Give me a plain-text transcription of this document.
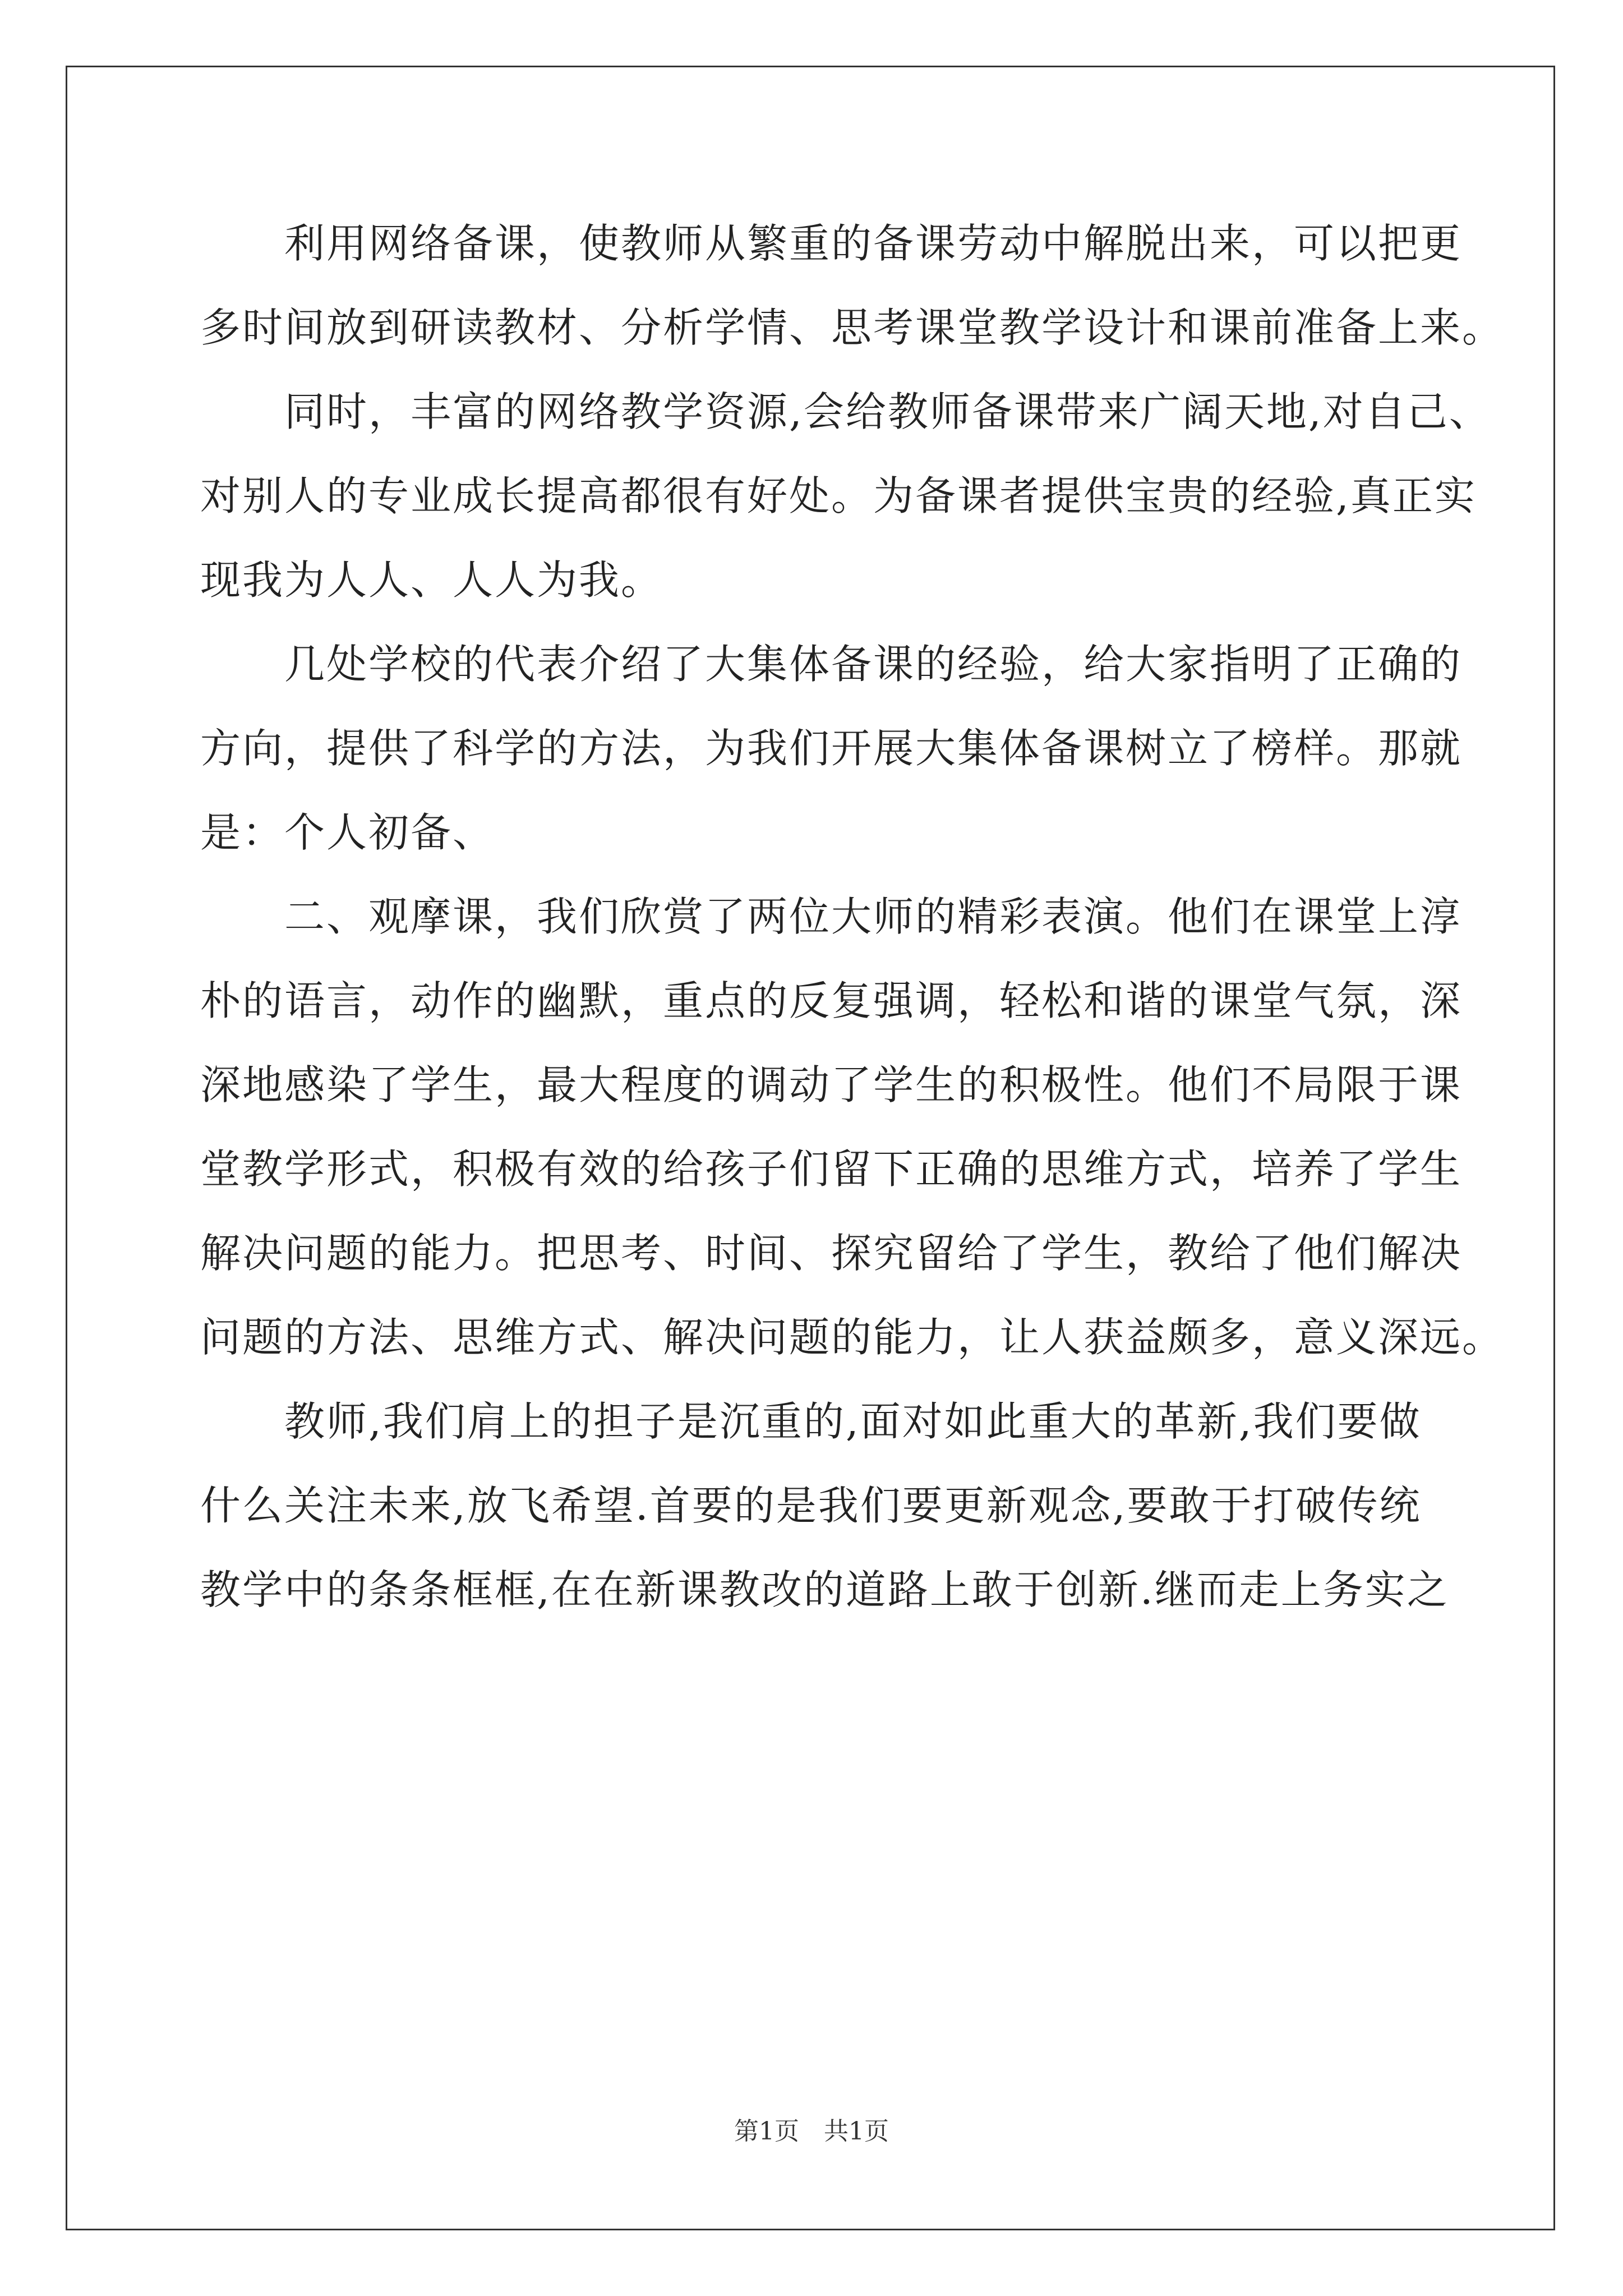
利用网络备课，使教师从繁重的备课劳动中解脱出来，可以把更
多时间放到研读教材、分析学情、思考课堂教学设计和课前准备上来。
同时，丰富的网络教学资源,会给教师备课带来广阔天地,对自己、
对别人的专业成长提高都很有好处。为备课者提供宝贵的经验,真正实
现我为人人、人人为我。
几处学校的代表介绍了大集体备课的经验，给大家指明了正确的
方向，提供了科学的方法，为我们开展大集体备课树立了榜样。那就
是：个人初备、
二、观摩课，我们欣赏了两位大师的精彩表演。他们在课堂上淳
朴的语言，动作的幽默，重点的反复强调，轻松和谐的课堂气氛，深
深地感染了学生，最大程度的调动了学生的积极性。他们不局限于课
堂教学形式，积极有效的给孩子们留下正确的思维方式，培养了学生
解决问题的能力。把思考、时间、探究留给了学生，教给了他们解决
问题的方法、思维方式、解决问题的能力，让人获益颇多，意义深远。
教师,我们肩上的担子是沉重的,面对如此重大的革新,我们要做
什么关注未来,放飞希望.首要的是我们要更新观念,要敢于打破传统
教学中的条条框框,在在新课教改的道路上敢于创新.继而走上务实之
第1页　共1页
